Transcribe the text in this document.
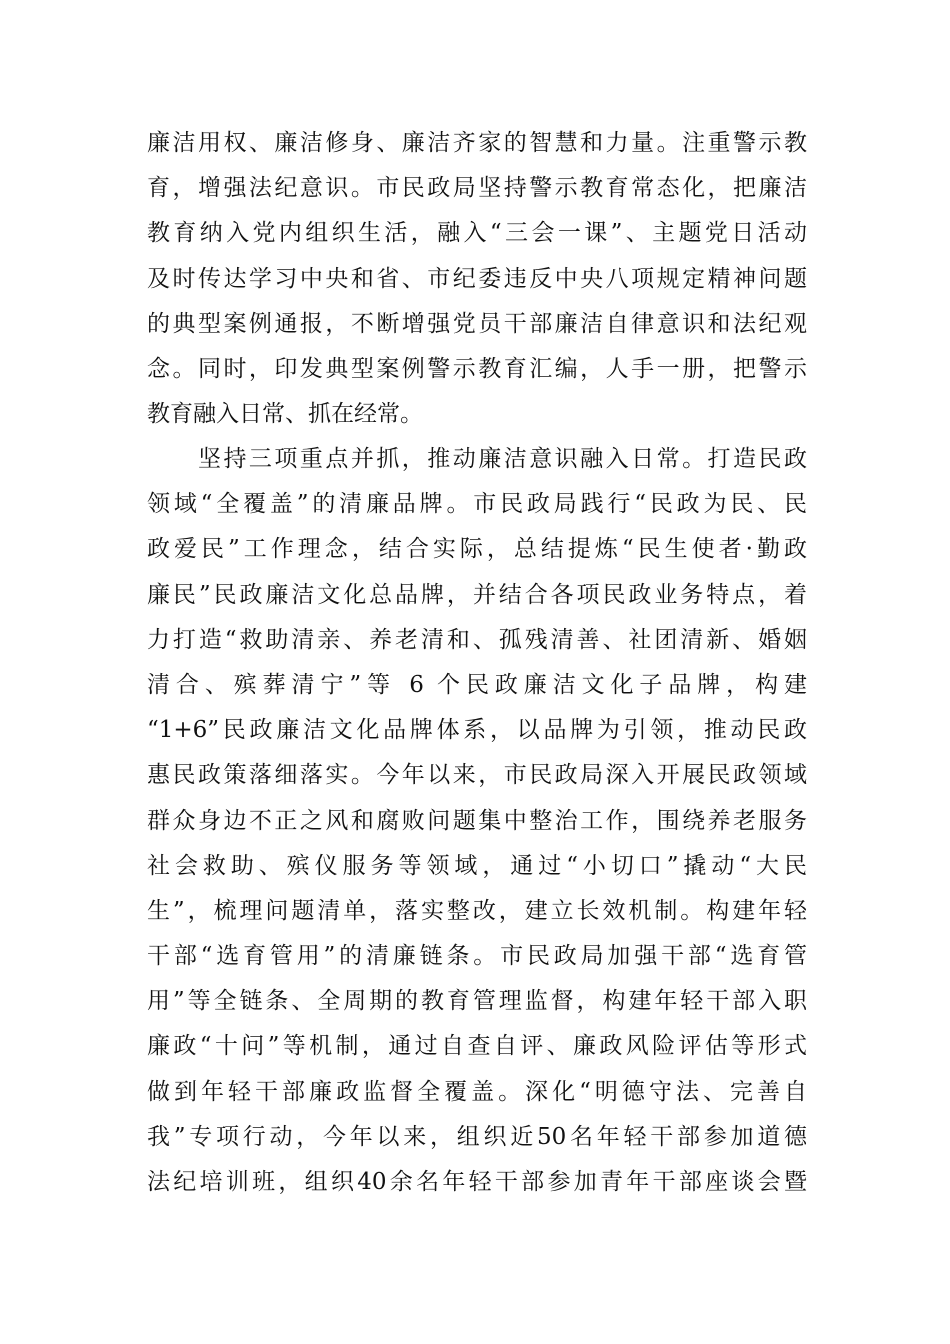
廉洁用权、廉洁修身、廉洁齐家的智慧和力量。注重警示教
育，增强法纪意识。市民政局坚持警示教育常态化，把廉洁
教育纳入党内组织生活，融入“三会一课”、主题党日活动
及时传达学习中央和省、市纪委违反中央八项规定精神问题
的典型案例通报，不断增强党员干部廉洁自律意识和法纪观
念。同时，印发典型案例警示教育汇编，人手一册，把警示
教育融入日常、抓在经常。
　　坚持三项重点并抓，推动廉洁意识融入日常。打造民政
领域“全覆盖”的清廉品牌。市民政局践行“民政为民、民
政爱民”工作理念，结合实际，总结提炼“民生使者·勤政
廉民”民政廉洁文化总品牌，并结合各项民政业务特点，着
力打造“救助清亲、养老清和、孤残清善、社团清新、婚姻
清合、殡葬清宁”等 6 个民政廉洁文化子品牌，构建
“1+6”民政廉洁文化品牌体系，以品牌为引领，推动民政
惠民政策落细落实。今年以来，市民政局深入开展民政领域
群众身边不正之风和腐败问题集中整治工作，围绕养老服务
社会救助、殡仪服务等领域，通过“小切口”撬动“大民
生”，梳理问题清单，落实整改，建立长效机制。构建年轻
干部“选育管用”的清廉链条。市民政局加强干部“选育管
用”等全链条、全周期的教育管理监督，构建年轻干部入职
廉政“十问”等机制，通过自查自评、廉政风险评估等形式
做到年轻干部廉政监督全覆盖。深化“明德守法、完善自
我”专项行动，今年以来，组织近50名年轻干部参加道德
法纪培训班，组织40余名年轻干部参加青年干部座谈会暨
